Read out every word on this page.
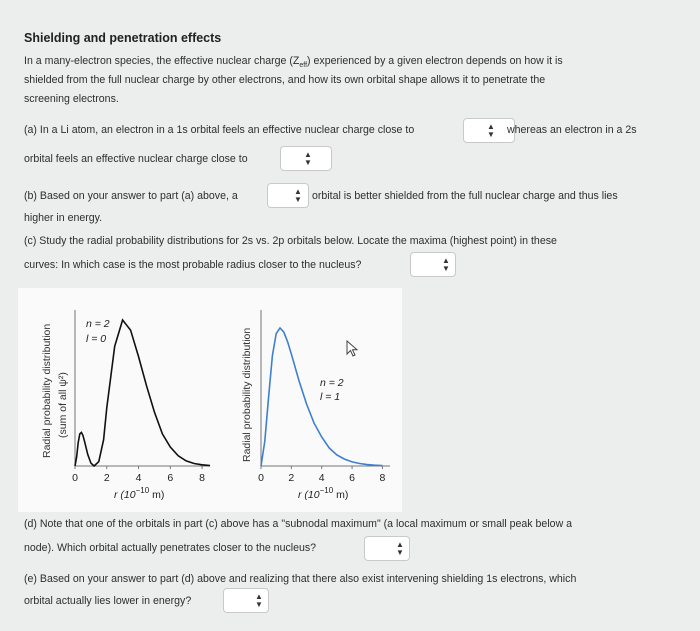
Shielding and penetration effects
In a many-electron species, the effective nuclear charge $(Z_{eff})$ experienced by a given electron depends on how it is
shielded from the full nuclear charge by other electrons, and how its own orbital shape allows it to penetrate the
screening electrons.
(a) In a Li atom, an electron in a 1s orbital feels an effective nuclear charge close to	▲
▼ whereas an electron in a 2s
orbital feels an effective nuclear charge close to	▲
▼
(b) Based on your answer to part (a) above, a	▲
▼ orbital is better shielded from the full nuclear charge and thus lies
higher in energy.
(c) Study the radial probability distributions for 2s vs. 2p orbitals below. Locate the maxima (highest point) in these
curves: In which case is the most probable radius closer to the nucleus?	▲
▼
Radial probability distribution (sum of all ψ²)
0 2 4 6 8
n = 2
l = 0
r ($10^{-10}$ m)
Radial probability distribution
0 2 4 6 8
n = 2
l = 1
r ($10^{-10}$ m)
(d) Note that one of the orbitals in part (c) above has a "subnodal maximum" (a local maximum or small peak below a
node). Which orbital actually penetrates closer to the nucleus?	▲
▼
(e) Based on your answer to part (d) above and realizing that there also exist intervening shielding 1s electrons, which
orbital actually lies lower in energy?	▲
▼
